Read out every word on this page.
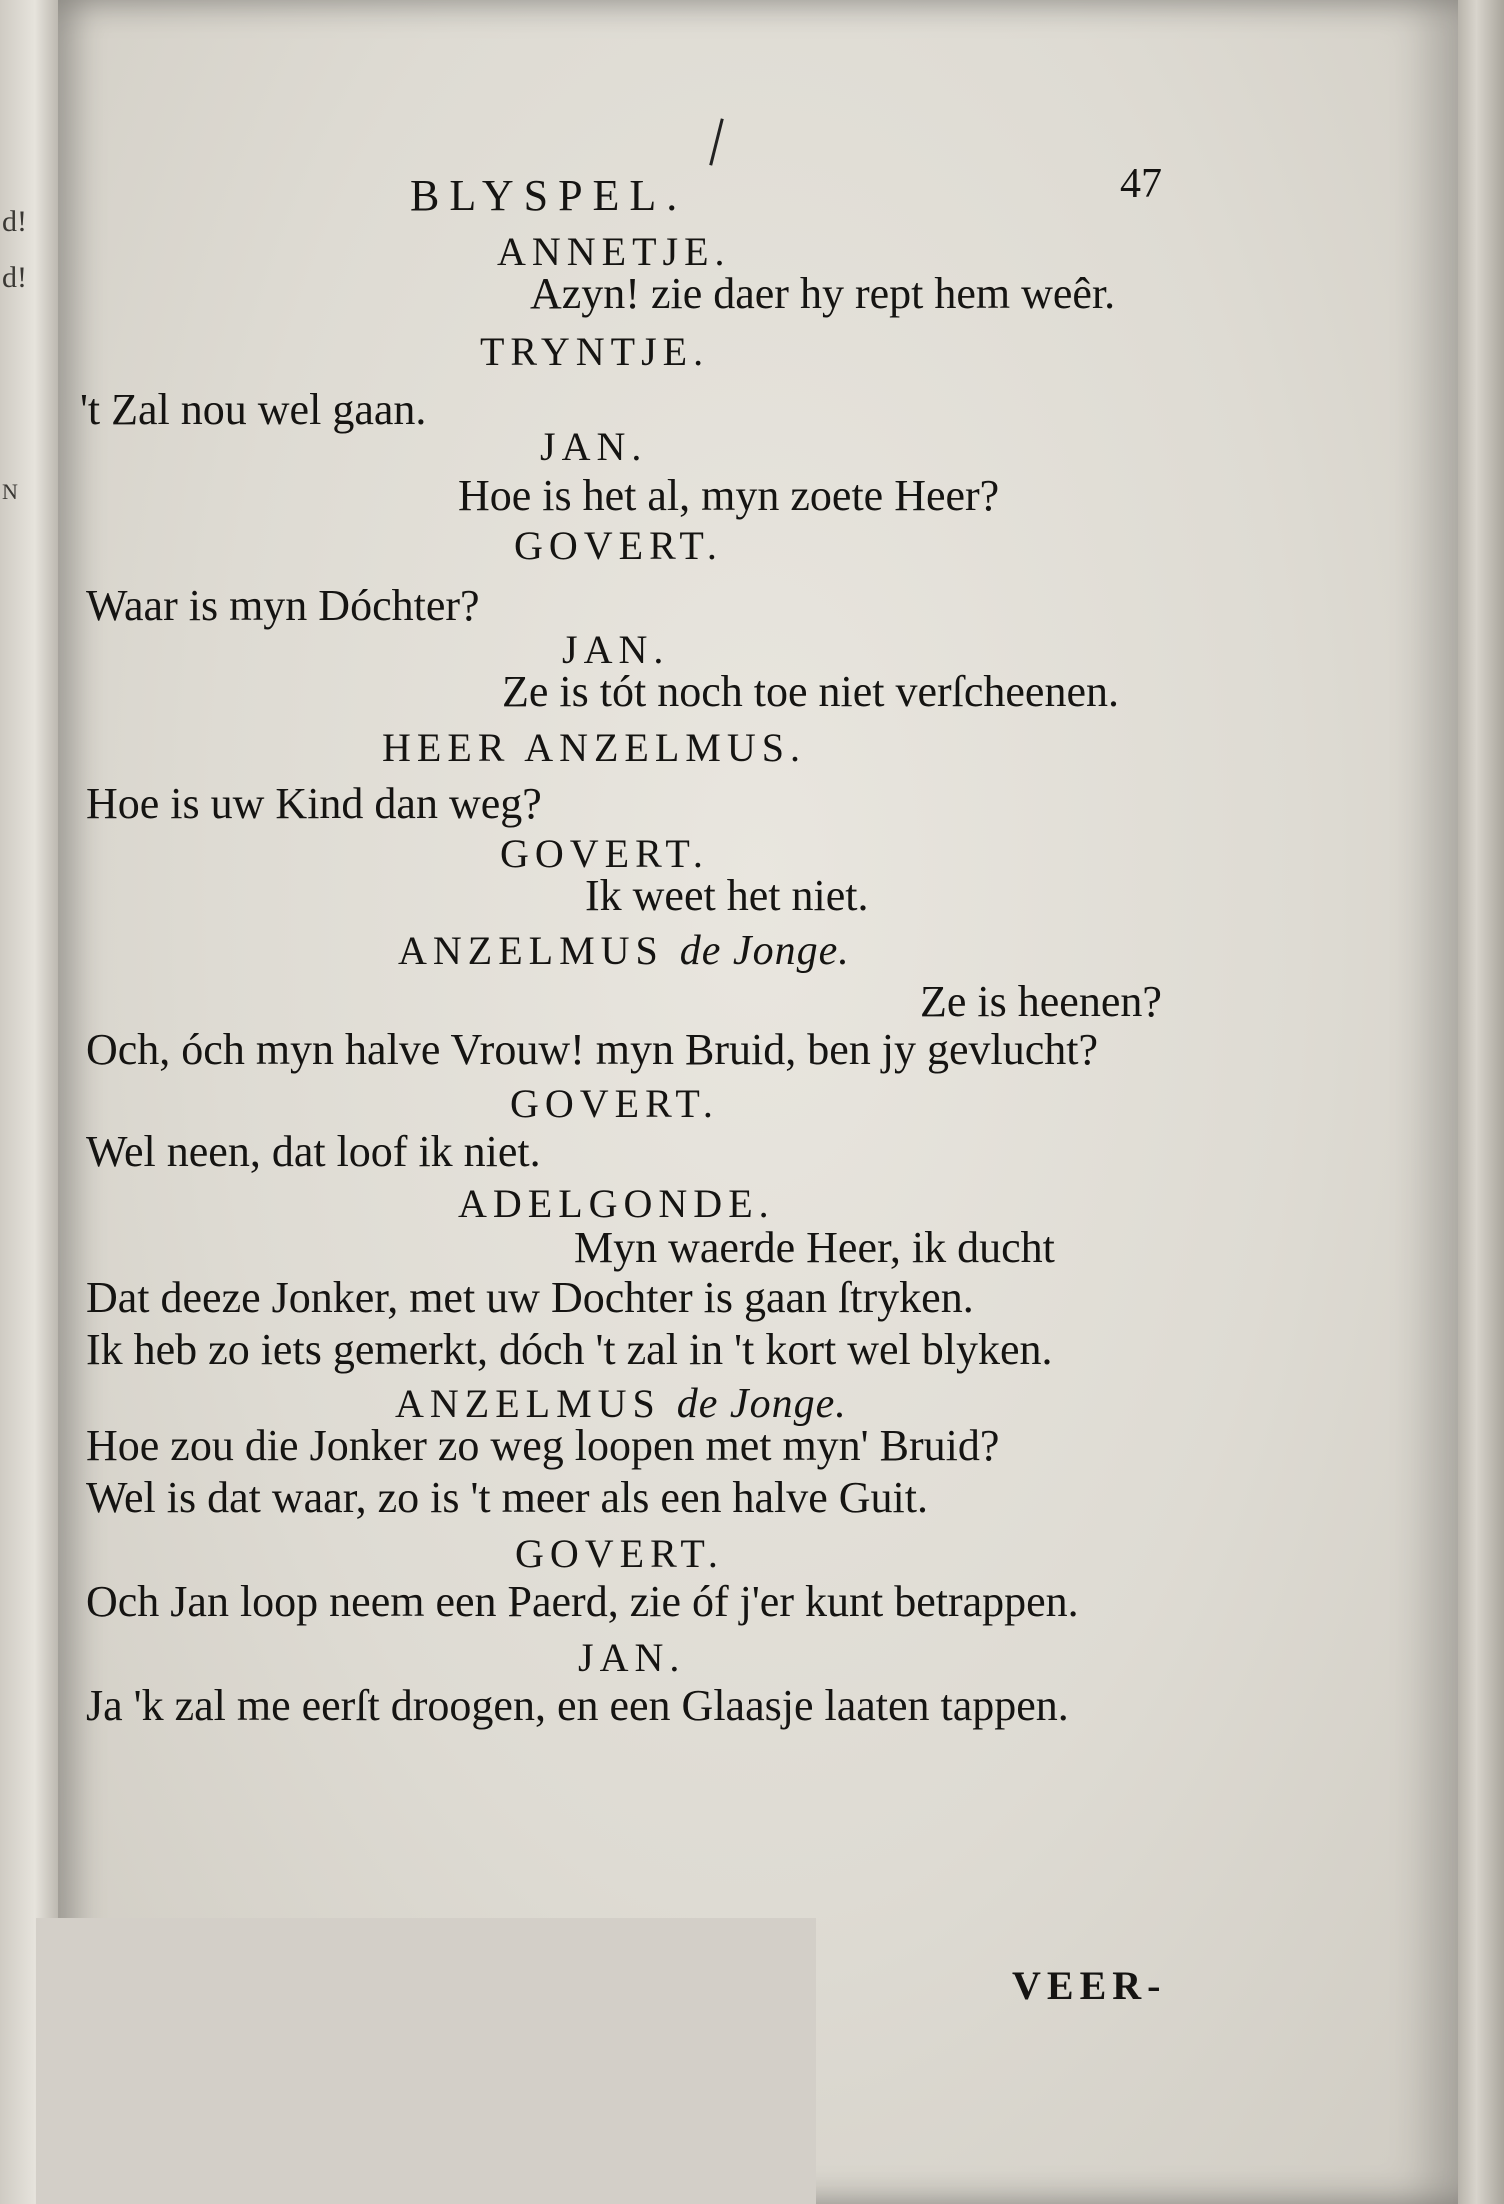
d!
d!
N
BLYSPEL.	47
ANNETJE.
Azyn! zie daer hy rept hem weêr.
TRYNTJE.
't Zal nou wel gaan.
JAN.
Hoe is het al, myn zoete Heer?
GOVERT.
Waar is myn Dóchter?
JAN.
Ze is tót noch toe niet verſcheenen.
HEER ANZELMUS.
Hoe is uw Kind dan weg?
GOVERT.
Ik weet het niet.
ANZELMUS de Jonge.
Ze is heenen?
Och, óch myn halve Vrouw! myn Bruid, ben jy gevlucht?
GOVERT.
Wel neen, dat loof ik niet.
ADELGONDE.
Myn waerde Heer, ik ducht
Dat deeze Jonker, met uw Dochter is gaan ſtryken.
Ik heb zo iets gemerkt, dóch 't zal in 't kort wel blyken.
ANZELMUS de Jonge.
Hoe zou die Jonker zo weg loopen met myn' Bruid?
Wel is dat waar, zo is 't meer als een halve Guit.
GOVERT.
Och Jan loop neem een Paerd, zie óf j'er kunt betrappen.
JAN.
Ja 'k zal me eerſt droogen, en een Glaasje laaten tappen.
VEER-
